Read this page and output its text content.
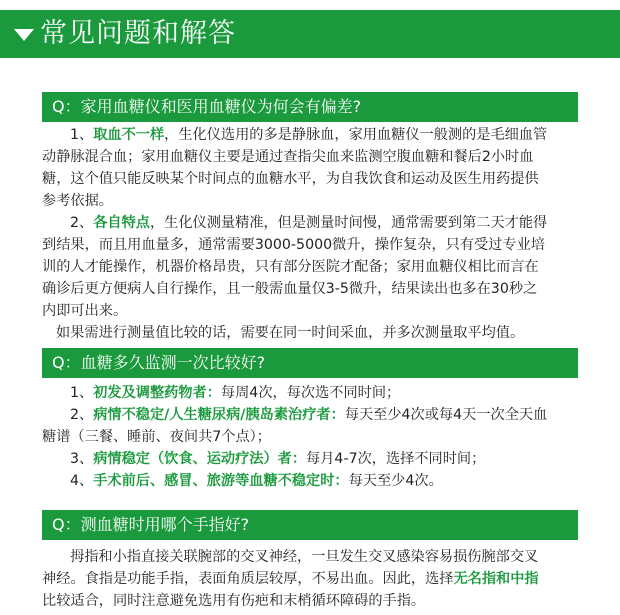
常见问题和解答
Q：家用血糖仪和医用血糖仪为何会有偏差?
1、取血不一样，生化仪选用的多是静脉血，家用血糖仪一般测的是毛细血管
动静脉混合血；家用血糖仪主要是通过查指尖血来监测空腹血糖和餐后2小时血
糖，这个值只能反映某个时间点的血糖水平，为自我饮食和运动及医生用药提供
参考依据。
2、各自特点，生化仪测量精准，但是测量时间慢，通常需要到第二天才能得
到结果，而且用血量多，通常需要3000-5000微升，操作复杂，只有受过专业培
训的人才能操作，机器价格昂贵，只有部分医院才配备；家用血糖仪相比而言在
确诊后更方便病人自行操作，且一般需血量仅3-5微升，结果读出也多在30秒之
内即可出来。
如果需进行测量值比较的话，需要在同一时间采血，并多次测量取平均值。
Q：血糖多久监测一次比较好?
1、初发及调整药物者：每周4次，每次选不同时间；
2、病情不稳定/人生糖尿病/胰岛素治疗者：每天至少4次或每4天一次全天血
糖谱（三餐、睡前、夜间共7个点）；
3、病情稳定（饮食、运动疗法）者：每月4-7次，选择不同时间；
4、手术前后、感冒、旅游等血糖不稳定时：每天至少4次。
Q：测血糖时用哪个手指好?
拇指和小指直接关联腕部的交叉神经，一旦发生交叉感染容易损伤腕部交叉
神经。食指是功能手指，表面角质层较厚，不易出血。因此，选择无名指和中指
比较适合，同时注意避免选用有伤疤和末梢循环障碍的手指。
